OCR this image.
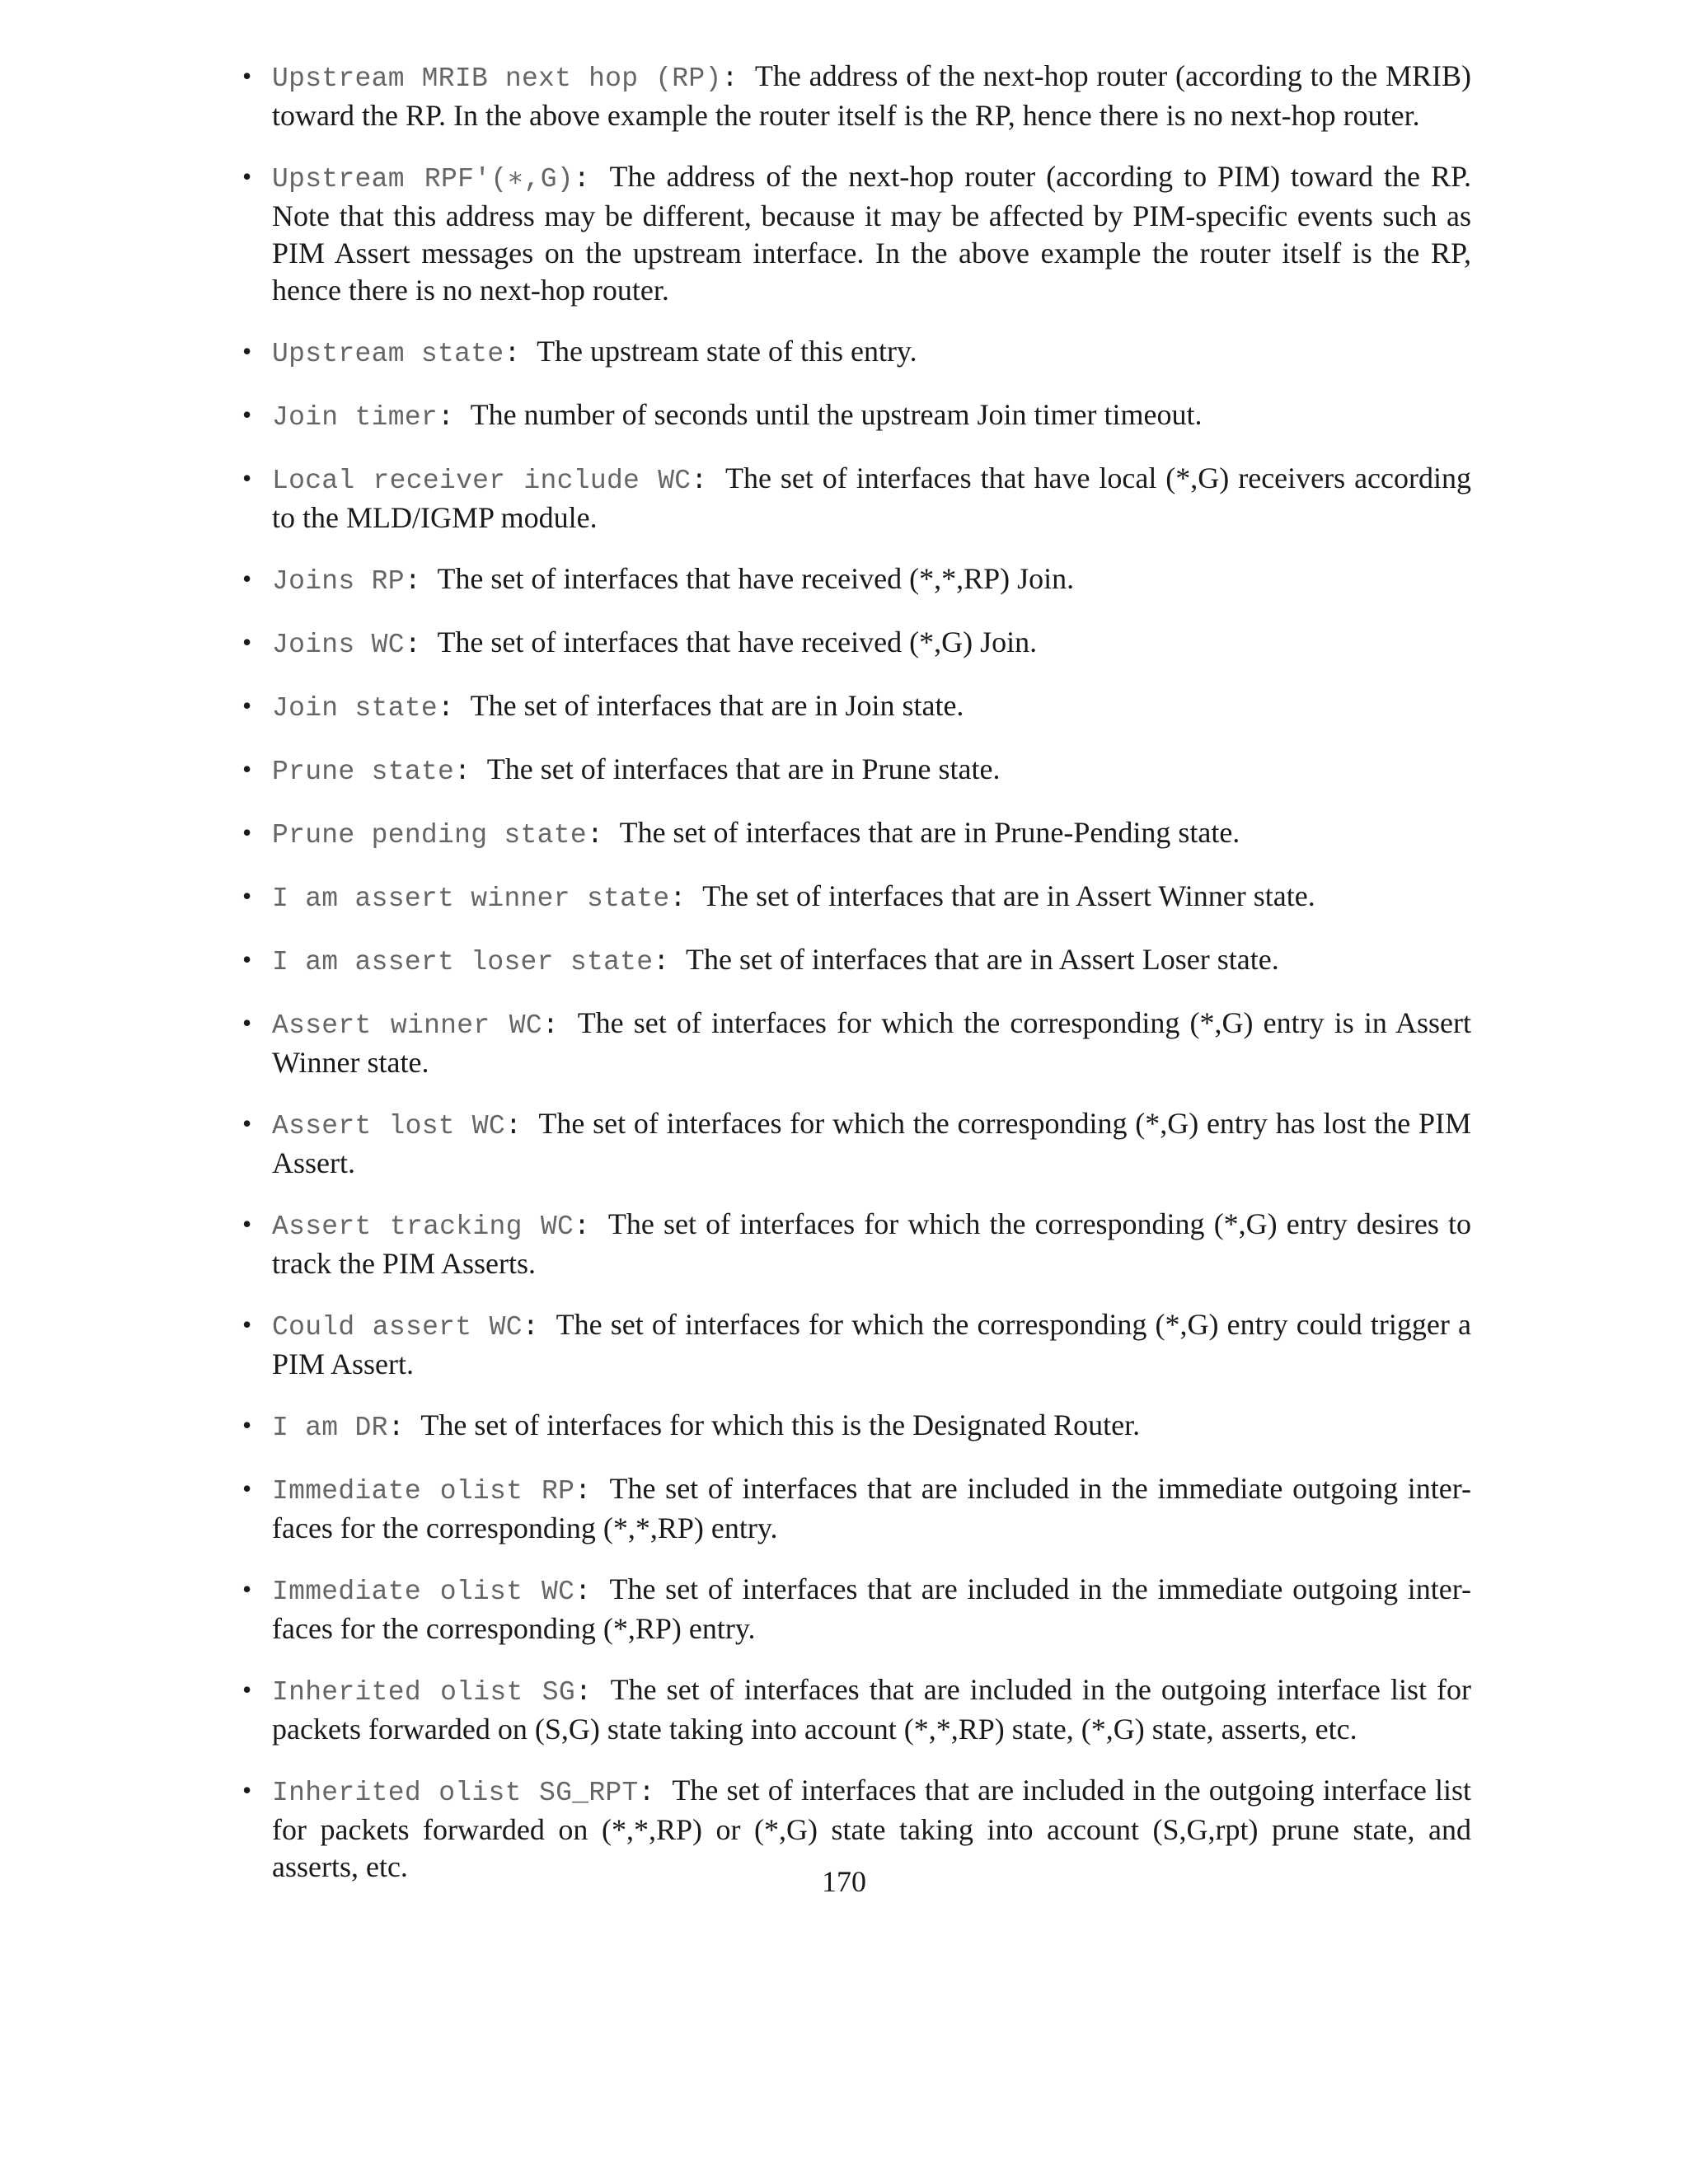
• Upstream MRIB next hop (RP): The address of the next-hop router (according to the MRIB) toward the RP. In the above example the router itself is the RP, hence there is no next-hop router.
• Upstream RPF′(∗,G): The address of the next-hop router (according to PIM) toward the RP. Note that this address may be different, because it may be affected by PIM-specific events such as PIM Assert messages on the upstream interface. In the above example the router itself is the RP, hence there is no next-hop router.
• Upstream state: The upstream state of this entry.
• Join timer: The number of seconds until the upstream Join timer timeout.
• Local receiver include WC: The set of interfaces that have local (*,G) receivers according to the MLD/IGMP module.
• Joins RP: The set of interfaces that have received (*,*,RP) Join.
• Joins WC: The set of interfaces that have received (*,G) Join.
• Join state: The set of interfaces that are in Join state.
• Prune state: The set of interfaces that are in Prune state.
• Prune pending state: The set of interfaces that are in Prune-Pending state.
• I am assert winner state: The set of interfaces that are in Assert Winner state.
• I am assert loser state: The set of interfaces that are in Assert Loser state.
• Assert winner WC: The set of interfaces for which the corresponding (*,G) entry is in Assert Winner state.
• Assert lost WC: The set of interfaces for which the corresponding (*,G) entry has lost the PIM Assert.
• Assert tracking WC: The set of interfaces for which the corresponding (*,G) entry desires to track the PIM Asserts.
• Could assert WC: The set of interfaces for which the corresponding (*,G) entry could trigger a PIM Assert.
• I am DR: The set of interfaces for which this is the Designated Router.
• Immediate olist RP: The set of interfaces that are included in the immediate outgoing inter-faces for the corresponding (*,*,RP) entry.
• Immediate olist WC: The set of interfaces that are included in the immediate outgoing inter-faces for the corresponding (*,RP) entry.
• Inherited olist SG: The set of interfaces that are included in the outgoing interface list for packets forwarded on (S,G) state taking into account (*,*,RP) state, (*,G) state, asserts, etc.
• Inherited olist SG_RPT: The set of interfaces that are included in the outgoing interface list for packets forwarded on (*,*,RP) or (*,G) state taking into account (S,G,rpt) prune state, and asserts, etc.	170
